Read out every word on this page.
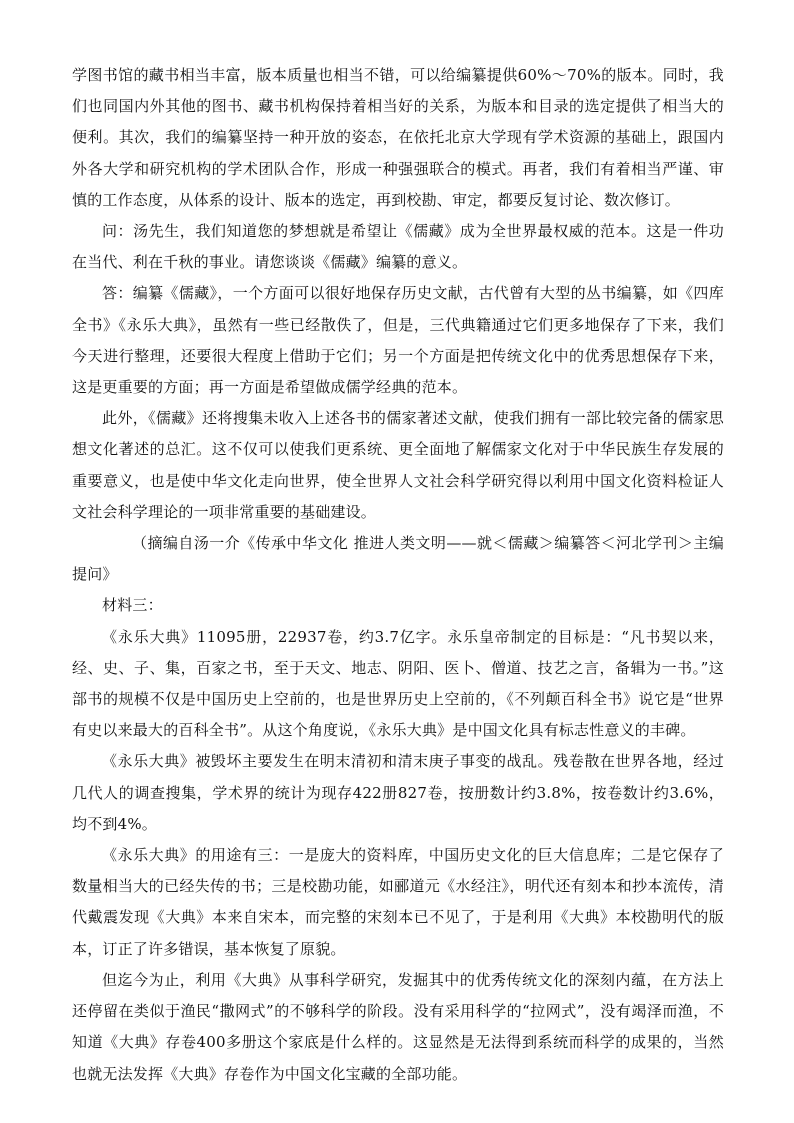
学图书馆的藏书相当丰富，版本质量也相当不错，可以给编纂提供60%～70%的版本。同时，我们也同国内外其他的图书、藏书机构保持着相当好的关系，为版本和目录的选定提供了相当大的便利。其次，我们的编纂坚持一种开放的姿态，在依托北京大学现有学术资源的基础上，跟国内外各大学和研究机构的学术团队合作，形成一种强强联合的模式。再者，我们有着相当严谨、审慎的工作态度，从体系的设计、版本的选定，再到校勘、审定，都要反复讨论、数次修订。

问：汤先生，我们知道您的梦想就是希望让《儒藏》成为全世界最权威的范本。这是一件功在当代、利在千秋的事业。请您谈谈《儒藏》编纂的意义。

答：编纂《儒藏》，一个方面可以很好地保存历史文献，古代曾有大型的丛书编纂，如《四库全书》《永乐大典》，虽然有一些已经散佚了，但是，三代典籍通过它们更多地保存了下来，我们今天进行整理，还要很大程度上借助于它们；另一个方面是把传统文化中的优秀思想保存下来，这是更重要的方面；再一方面是希望做成儒学经典的范本。

此外，《儒藏》还将搜集未收入上述各书的儒家著述文献，使我们拥有一部比较完备的儒家思想文化著述的总汇。这不仅可以使我们更系统、更全面地了解儒家文化对于中华民族生存发展的重要意义，也是使中华文化走向世界，使全世界人文社会科学研究得以利用中国文化资料检证人文社会科学理论的一项非常重要的基础建设。

（摘编自汤一介《传承中华文化 推进人类文明——就＜儒藏＞编纂答＜河北学刊＞主编提问》

材料三：

《永乐大典》11095册，22937卷，约3.7亿字。永乐皇帝制定的目标是：“凡书契以来，经、史、子、集，百家之书，至于天文、地志、阴阳、医卜、僧道、技艺之言，备辑为一书。”这部书的规模不仅是中国历史上空前的，也是世界历史上空前的，《不列颠百科全书》说它是“世界有史以来最大的百科全书”。从这个角度说，《永乐大典》是中国文化具有标志性意义的丰碑。

《永乐大典》被毁坏主要发生在明末清初和清末庚子事变的战乱。残卷散在世界各地，经过几代人的调查搜集，学术界的统计为现存422册827卷，按册数计约3.8%，按卷数计约3.6%，均不到4%。

《永乐大典》的用途有三：一是庞大的资料库，中国历史文化的巨大信息库；二是它保存了数量相当大的已经失传的书；三是校勘功能，如郦道元《水经注》，明代还有刻本和抄本流传，清代戴震发现《大典》本来自宋本，而完整的宋刻本已不见了，于是利用《大典》本校勘明代的版本，订正了许多错误，基本恢复了原貌。

但迄今为止，利用《大典》从事科学研究，发掘其中的优秀传统文化的深刻内蕴，在方法上还停留在类似于渔民“撒网式”的不够科学的阶段。没有采用科学的“拉网式”，没有竭泽而渔，不知道《大典》存卷400多册这个家底是什么样的。这显然是无法得到系统而科学的成果的，当然也就无法发挥《大典》存卷作为中国文化宝藏的全部功能。
